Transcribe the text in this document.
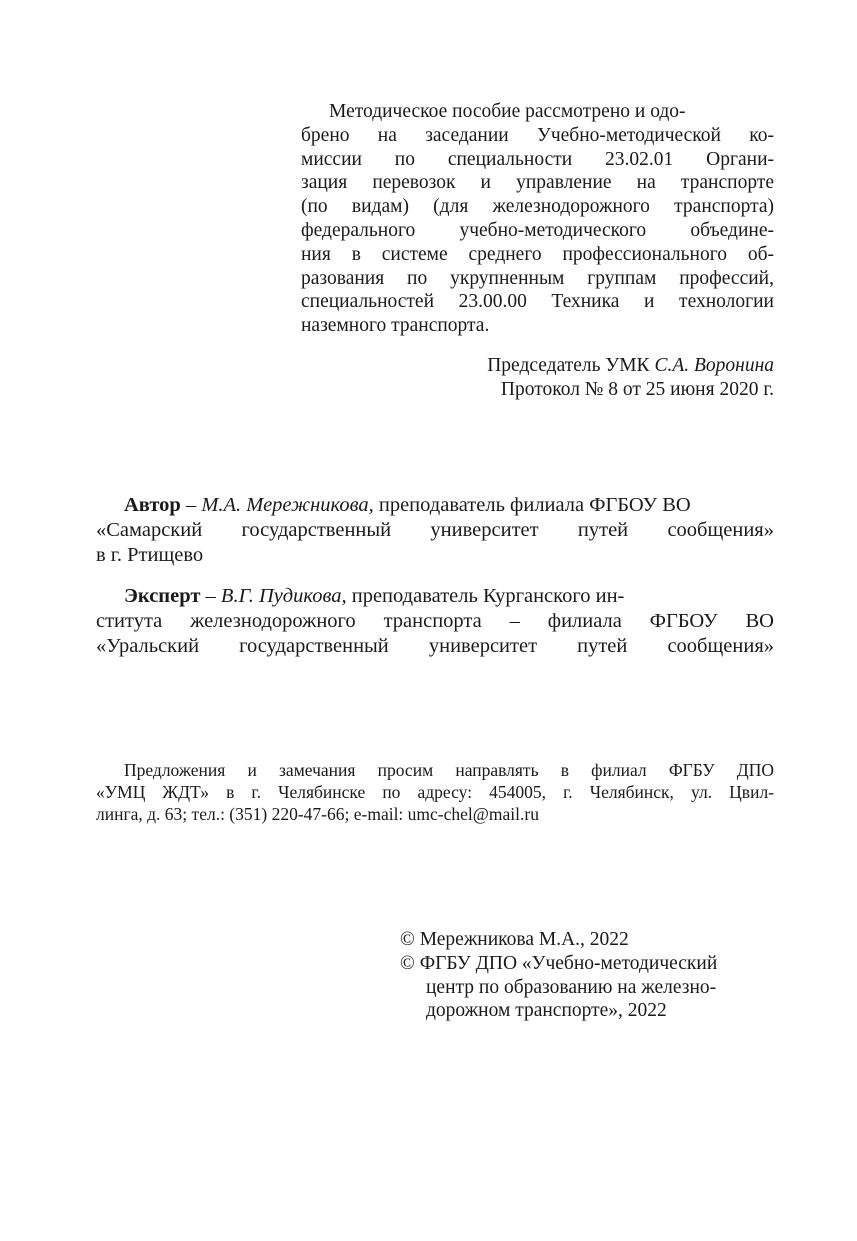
Методическое пособие рассмотрено и одо-
брено на заседании Учебно-методической ко-
миссии по специальности 23.02.01 Органи-
зация перевозок и управление на транспорте
(по видам) (для железнодорожного транспорта)
федерального учебно-методического объедине-
ния в системе среднего профессионального об-
разования по укрупненным группам профессий,
специальностей 23.00.00 Техника и технологии
наземного транспорта.
Председатель УМК С.А. Воронина
Протокол № 8 от 25 июня 2020 г.
Автор – М.А. Мережникова, преподаватель филиала ФГБОУ ВО
«Самарский государственный университет путей сообщения»
в г. Ртищево
Эксперт – В.Г. Пудикова, преподаватель Курганского ин-
ститута железнодорожного транспорта – филиала ФГБОУ ВО
«Уральский государственный университет путей сообщения»
Предложения и замечания просим направлять в филиал ФГБУ ДПО
«УМЦ ЖДТ» в г. Челябинске по адресу: 454005, г. Челябинск, ул. Цвил-
линга, д. 63; тел.: (351) 220-47-66; e-mail: umc-chel@mail.ru
© Мережникова М.А., 2022
© ФГБУ ДПО «Учебно-методический
центр по образованию на железно-
дорожном транспорте», 2022
